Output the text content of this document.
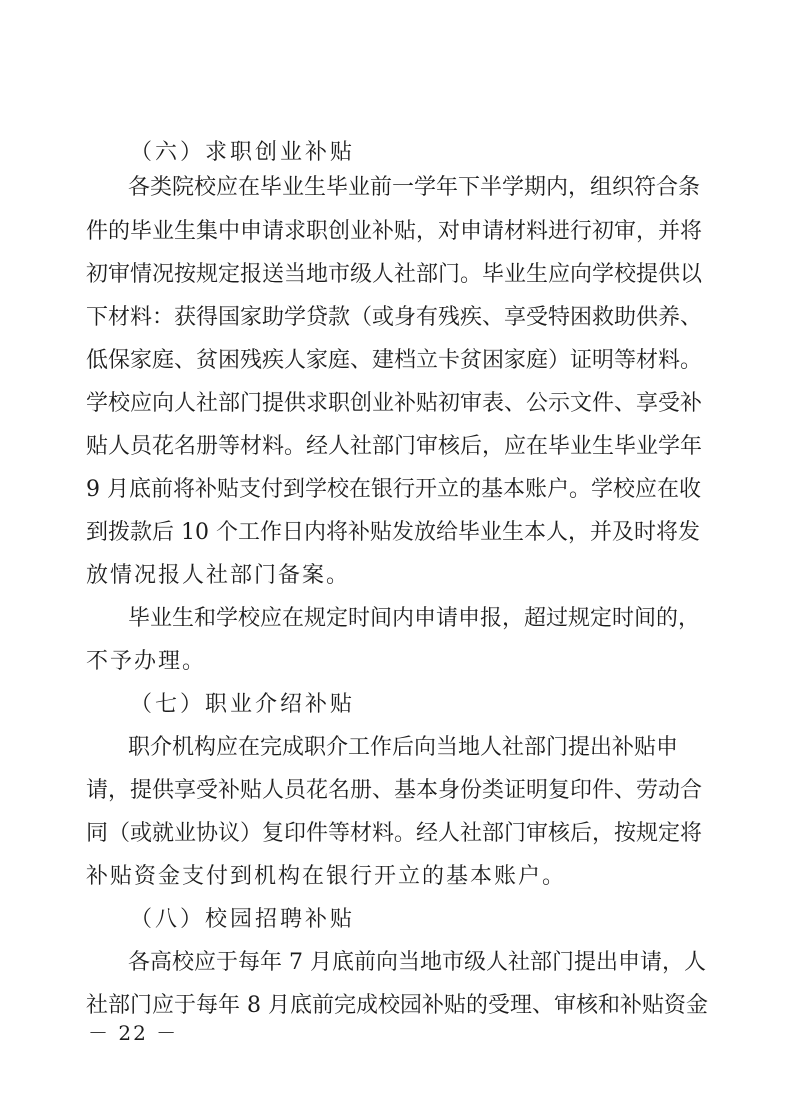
（六）求职创业补贴
各类院校应在毕业生毕业前一学年下半学期内，组织符合条
件的毕业生集中申请求职创业补贴，对申请材料进行初审，并将
初审情况按规定报送当地市级人社部门。毕业生应向学校提供以
下材料：获得国家助学贷款（或身有残疾、享受特困救助供养、
低保家庭、贫困残疾人家庭、建档立卡贫困家庭）证明等材料。
学校应向人社部门提供求职创业补贴初审表、公示文件、享受补
贴人员花名册等材料。经人社部门审核后，应在毕业生毕业学年
9 月底前将补贴支付到学校在银行开立的基本账户。学校应在收
到拨款后 10 个工作日内将补贴发放给毕业生本人，并及时将发
放情况报人社部门备案。
毕业生和学校应在规定时间内申请申报，超过规定时间的，
不予办理。
（七）职业介绍补贴
职介机构应在完成职介工作后向当地人社部门提出补贴申
请，提供享受补贴人员花名册、基本身份类证明复印件、劳动合
同（或就业协议）复印件等材料。经人社部门审核后，按规定将
补贴资金支付到机构在银行开立的基本账户。
（八）校园招聘补贴
各高校应于每年 7 月底前向当地市级人社部门提出申请，人
社部门应于每年 8 月底前完成校园补贴的受理、审核和补贴资金
－ 22 －
